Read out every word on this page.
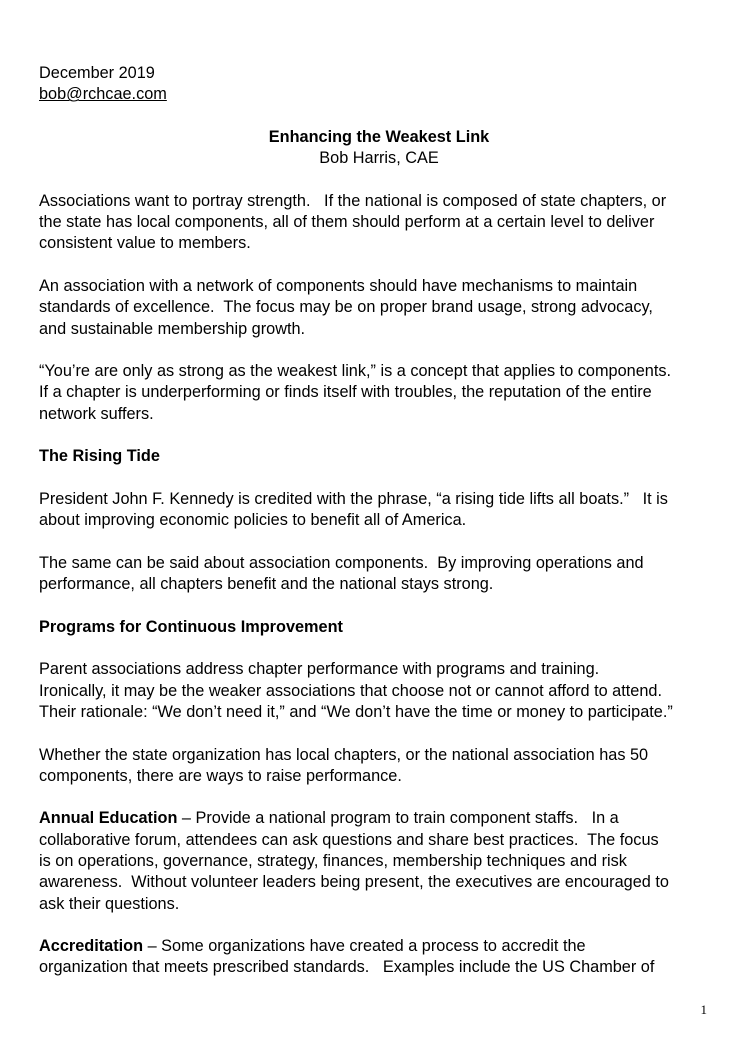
December 2019
bob@rchcae.com
Enhancing the Weakest Link
Bob Harris, CAE
Associations want to portray strength.   If the national is composed of state chapters, or
the state has local components, all of them should perform at a certain level to deliver
consistent value to members.
An association with a network of components should have mechanisms to maintain
standards of excellence.  The focus may be on proper brand usage, strong advocacy,
and sustainable membership growth.
“You’re are only as strong as the weakest link,” is a concept that applies to components.
If a chapter is underperforming or finds itself with troubles, the reputation of the entire
network suffers.
The Rising Tide
President John F. Kennedy is credited with the phrase, “a rising tide lifts all boats.”   It is
about improving economic policies to benefit all of America.
The same can be said about association components.  By improving operations and
performance, all chapters benefit and the national stays strong.
Programs for Continuous Improvement
Parent associations address chapter performance with programs and training.
Ironically, it may be the weaker associations that choose not or cannot afford to attend.
Their rationale: “We don’t need it,” and “We don’t have the time or money to participate.”
Whether the state organization has local chapters, or the national association has 50
components, there are ways to raise performance.
Annual Education – Provide a national program to train component staffs.   In a
collaborative forum, attendees can ask questions and share best practices.  The focus
is on operations, governance, strategy, finances, membership techniques and risk
awareness.  Without volunteer leaders being present, the executives are encouraged to
ask their questions.
Accreditation – Some organizations have created a process to accredit the
organization that meets prescribed standards.   Examples include the US Chamber of
1
